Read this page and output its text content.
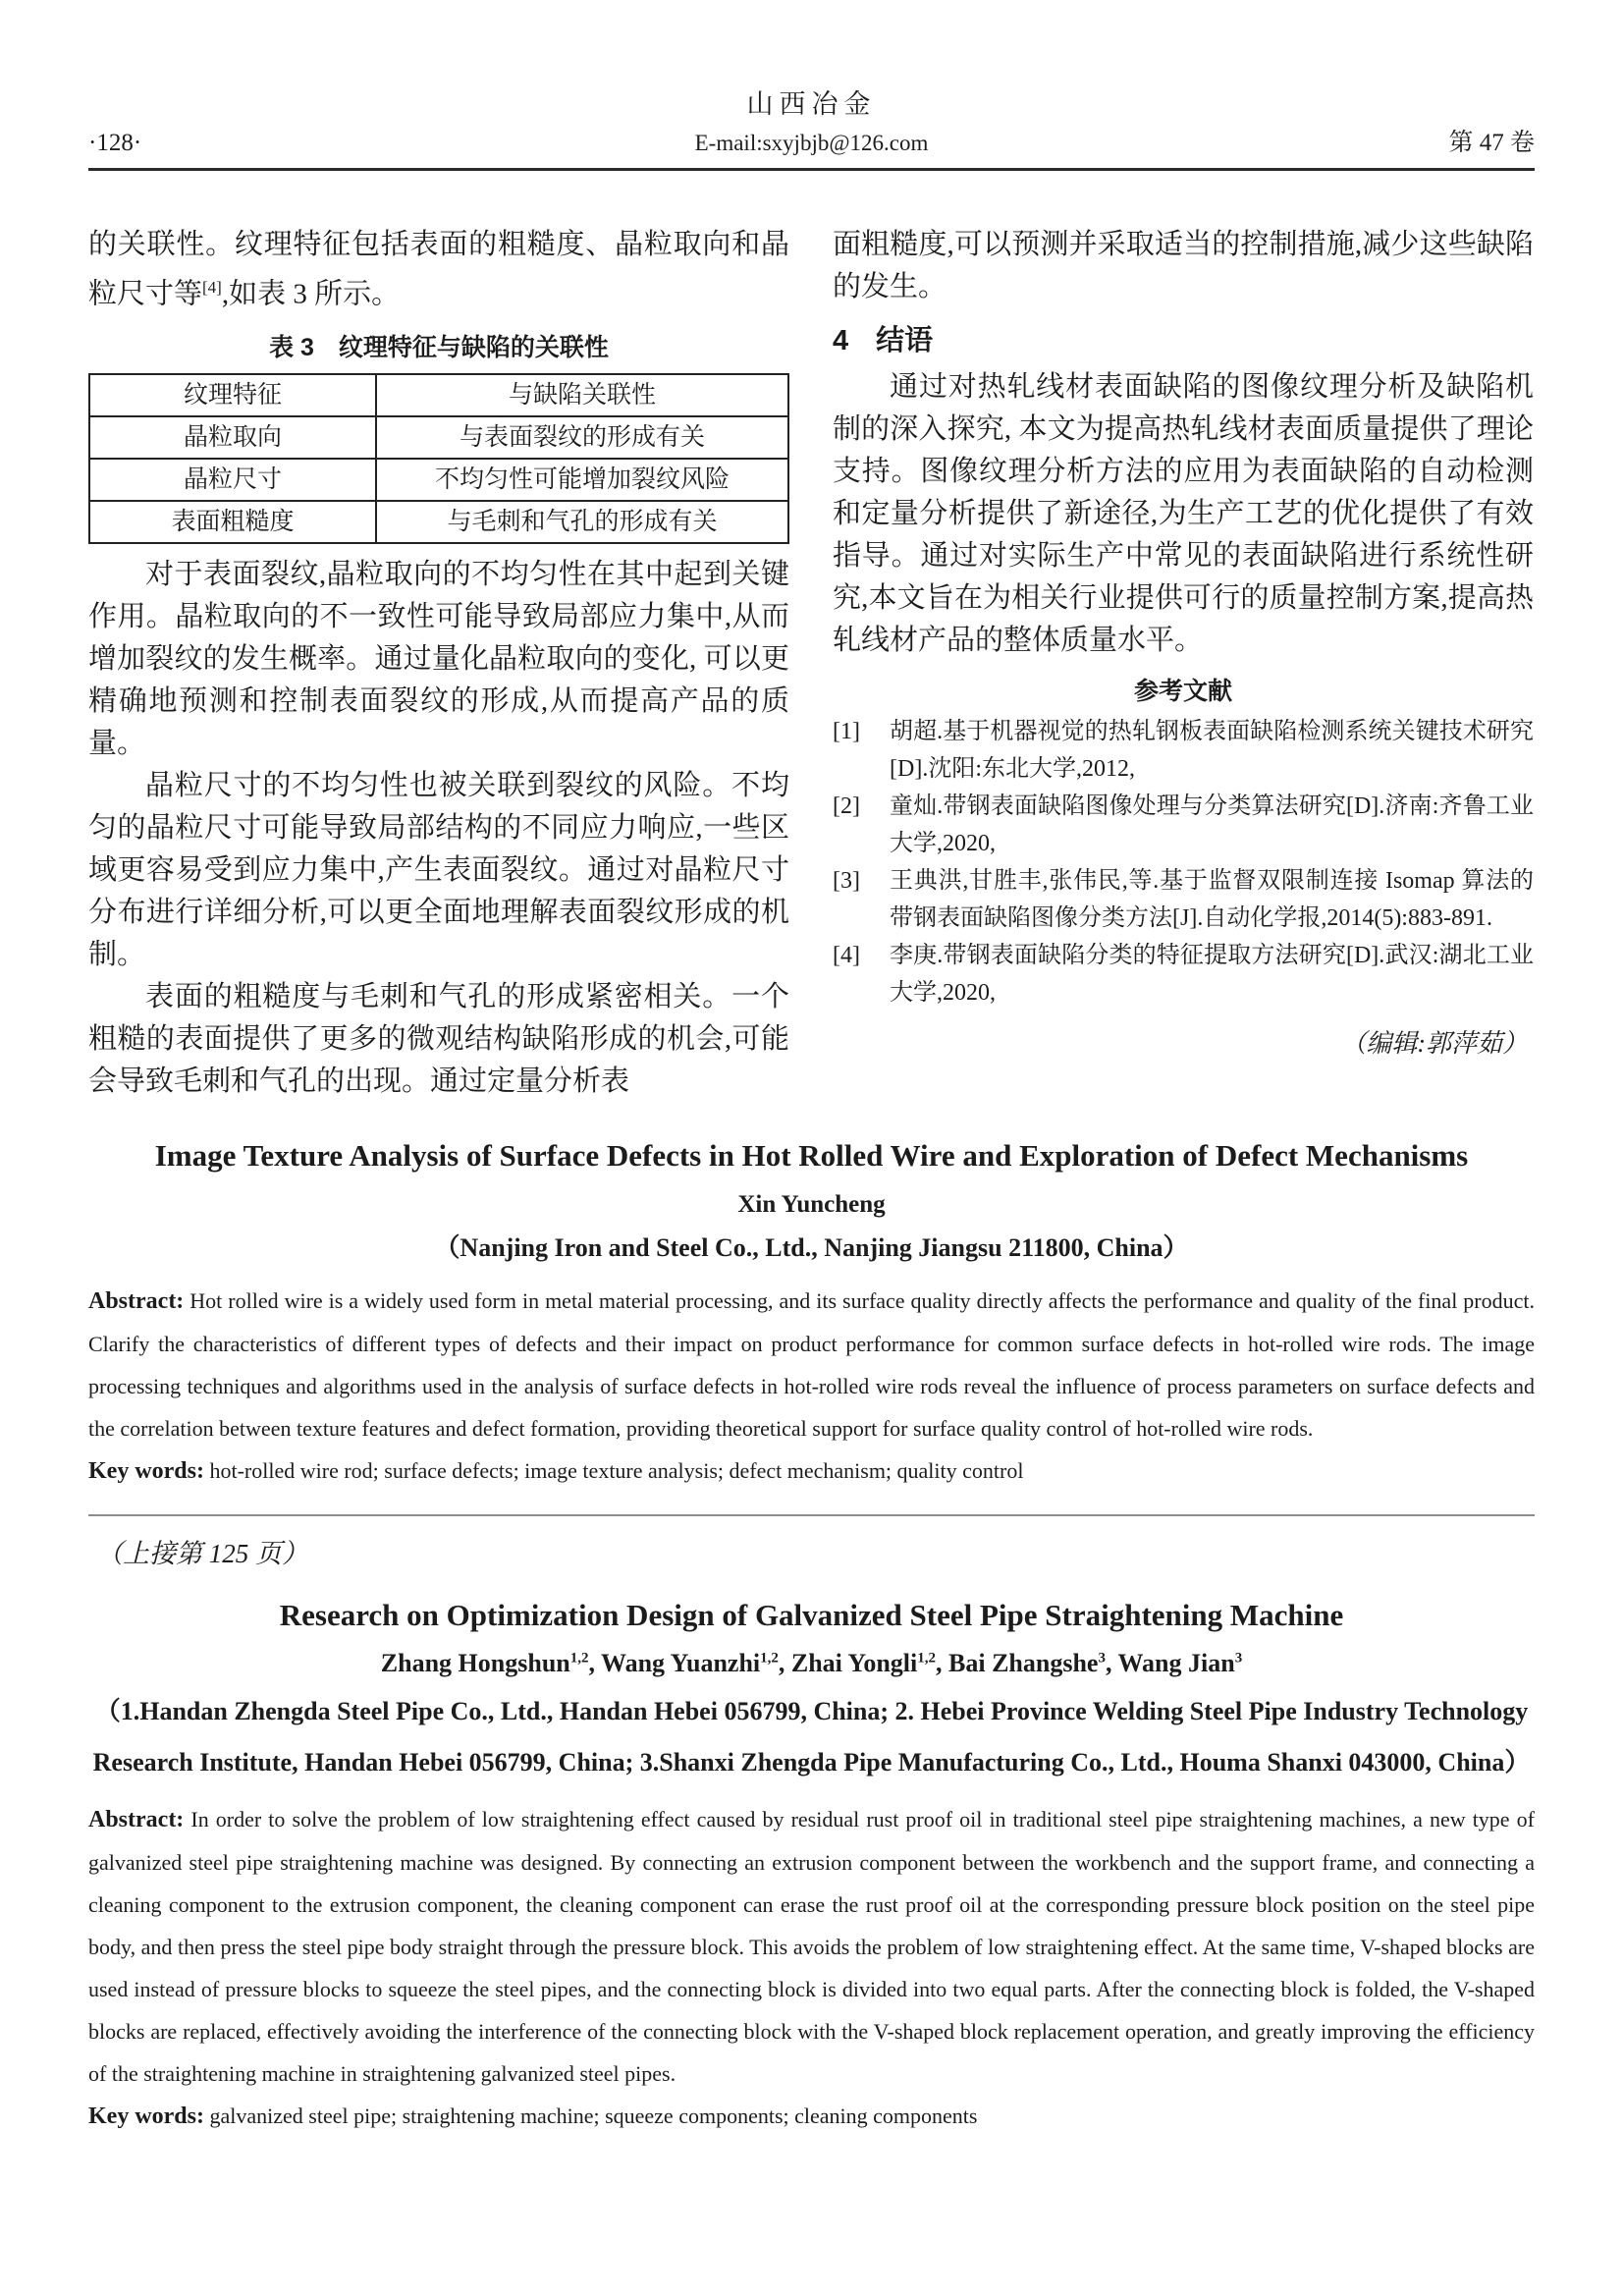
山西冶金
·128·	E-mail:sxyjbjb@126.com	第 47 卷

的关联性。纹理特征包括表面的粗糙度、晶粒取向和晶粒尺寸等[4],如表 3 所示。

表 3　纹理特征与缺陷的关联性
纹理特征	与缺陷关联性
晶粒取向	与表面裂纹的形成有关
晶粒尺寸	不均匀性可能增加裂纹风险
表面粗糙度	与毛刺和气孔的形成有关

对于表面裂纹,晶粒取向的不均匀性在其中起到关键作用。晶粒取向的不一致性可能导致局部应力集中,从而增加裂纹的发生概率。通过量化晶粒取向的变化, 可以更精确地预测和控制表面裂纹的形成,从而提高产品的质量。

晶粒尺寸的不均匀性也被关联到裂纹的风险。不均匀的晶粒尺寸可能导致局部结构的不同应力响应,一些区域更容易受到应力集中,产生表面裂纹。通过对晶粒尺寸分布进行详细分析,可以更全面地理解表面裂纹形成的机制。

表面的粗糙度与毛刺和气孔的形成紧密相关。一个粗糙的表面提供了更多的微观结构缺陷形成的机会,可能会导致毛刺和气孔的出现。通过定量分析表

面粗糙度,可以预测并采取适当的控制措施,减少这些缺陷的发生。

4 结语

通过对热轧线材表面缺陷的图像纹理分析及缺陷机制的深入探究, 本文为提高热轧线材表面质量提供了理论支持。图像纹理分析方法的应用为表面缺陷的自动检测和定量分析提供了新途径,为生产工艺的优化提供了有效指导。通过对实际生产中常见的表面缺陷进行系统性研究,本文旨在为相关行业提供可行的质量控制方案,提高热轧线材产品的整体质量水平。

参考文献
[1]	胡超.基于机器视觉的热轧钢板表面缺陷检测系统关键技术研究[D].沈阳:东北大学,2012,
[2]	童灿.带钢表面缺陷图像处理与分类算法研究[D].济南:齐鲁工业大学,2020,
[3]	王典洪,甘胜丰,张伟民,等.基于监督双限制连接 Isomap 算法的带钢表面缺陷图像分类方法[J].自动化学报,2014(5):883-891.
[4]	李庚.带钢表面缺陷分类的特征提取方法研究[D].武汉:湖北工业大学,2020,
（编辑:郭萍茹）
Image Texture Analysis of Surface Defects in Hot Rolled Wire and Exploration of Defect Mechanisms
Xin Yuncheng
（Nanjing Iron and Steel Co., Ltd., Nanjing Jiangsu 211800, China）

Abstract: Hot rolled wire is a widely used form in metal material processing, and its surface quality directly affects the performance and quality of the final product. Clarify the characteristics of different types of defects and their impact on product performance for common surface defects in hot-rolled wire rods. The image processing techniques and algorithms used in the analysis of surface defects in hot-rolled wire rods reveal the influence of process parameters on surface defects and the correlation between texture features and defect formation, providing theoretical support for surface quality control of hot-rolled wire rods.

Key words: hot-rolled wire rod; surface defects; image texture analysis; defect mechanism; quality control

（上接第 125 页）
Research on Optimization Design of Galvanized Steel Pipe Straightening Machine
Zhang Hongshun$^{1,2}$, Wang Yuanzhi$^{1,2}$, Zhai Yongli$^{1,2}$, Bai Zhangshe$^3$, Wang Jian$^3$
（1.Handan Zhengda Steel Pipe Co., Ltd., Handan Hebei 056799, China; 2. Hebei Province Welding Steel Pipe Industry Technology Research Institute, Handan Hebei 056799, China; 3.Shanxi Zhengda Pipe Manufacturing Co., Ltd., Houma Shanxi 043000, China）

Abstract: In order to solve the problem of low straightening effect caused by residual rust proof oil in traditional steel pipe straightening machines, a new type of galvanized steel pipe straightening machine was designed. By connecting an extrusion component between the workbench and the support frame, and connecting a cleaning component to the extrusion component, the cleaning component can erase the rust proof oil at the corresponding pressure block position on the steel pipe body, and then press the steel pipe body straight through the pressure block. This avoids the problem of low straightening effect. At the same time, V-shaped blocks are used instead of pressure blocks to squeeze the steel pipes, and the connecting block is divided into two equal parts. After the connecting block is folded, the V-shaped blocks are replaced, effectively avoiding the interference of the connecting block with the V-shaped block replacement operation, and greatly improving the efficiency of the straightening machine in straightening galvanized steel pipes.

Key words: galvanized steel pipe; straightening machine; squeeze components; cleaning components
